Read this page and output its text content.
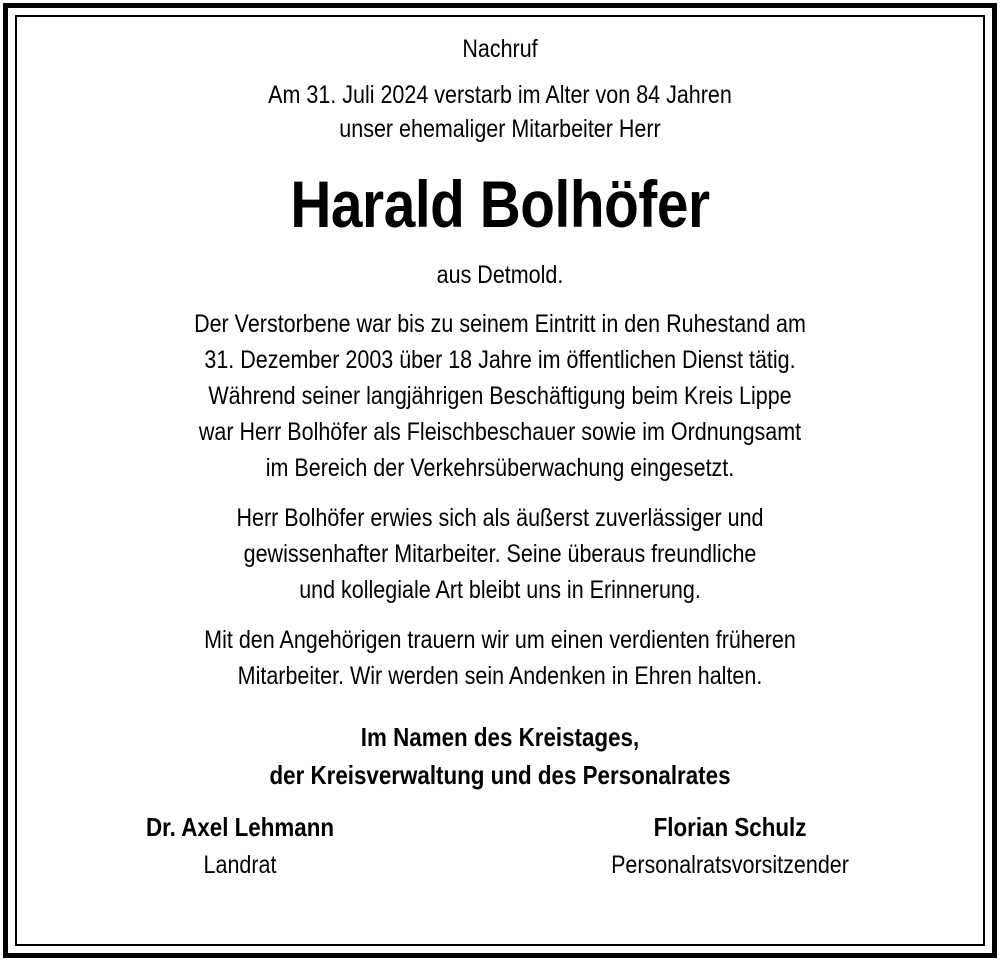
Nachruf
Am 31. Juli 2024 verstarb im Alter von 84 Jahren
unser ehemaliger Mitarbeiter Herr
Harald Bolhöfer
aus Detmold.
Der Verstorbene war bis zu seinem Eintritt in den Ruhestand am
31. Dezember 2003 über 18 Jahre im öffentlichen Dienst tätig.
Während seiner langjährigen Beschäftigung beim Kreis Lippe
war Herr Bolhöfer als Fleischbeschauer sowie im Ordnungsamt
im Bereich der Verkehrsüberwachung eingesetzt.
Herr Bolhöfer erwies sich als äußerst zuverlässiger und
gewissenhafter Mitarbeiter. Seine überaus freundliche
und kollegiale Art bleibt uns in Erinnerung.
Mit den Angehörigen trauern wir um einen verdienten früheren
Mitarbeiter. Wir werden sein Andenken in Ehren halten.
Im Namen des Kreistages,
der Kreisverwaltung und des Personalrates
Dr. Axel Lehmann
Landrat
Florian Schulz
Personalratsvorsitzender
